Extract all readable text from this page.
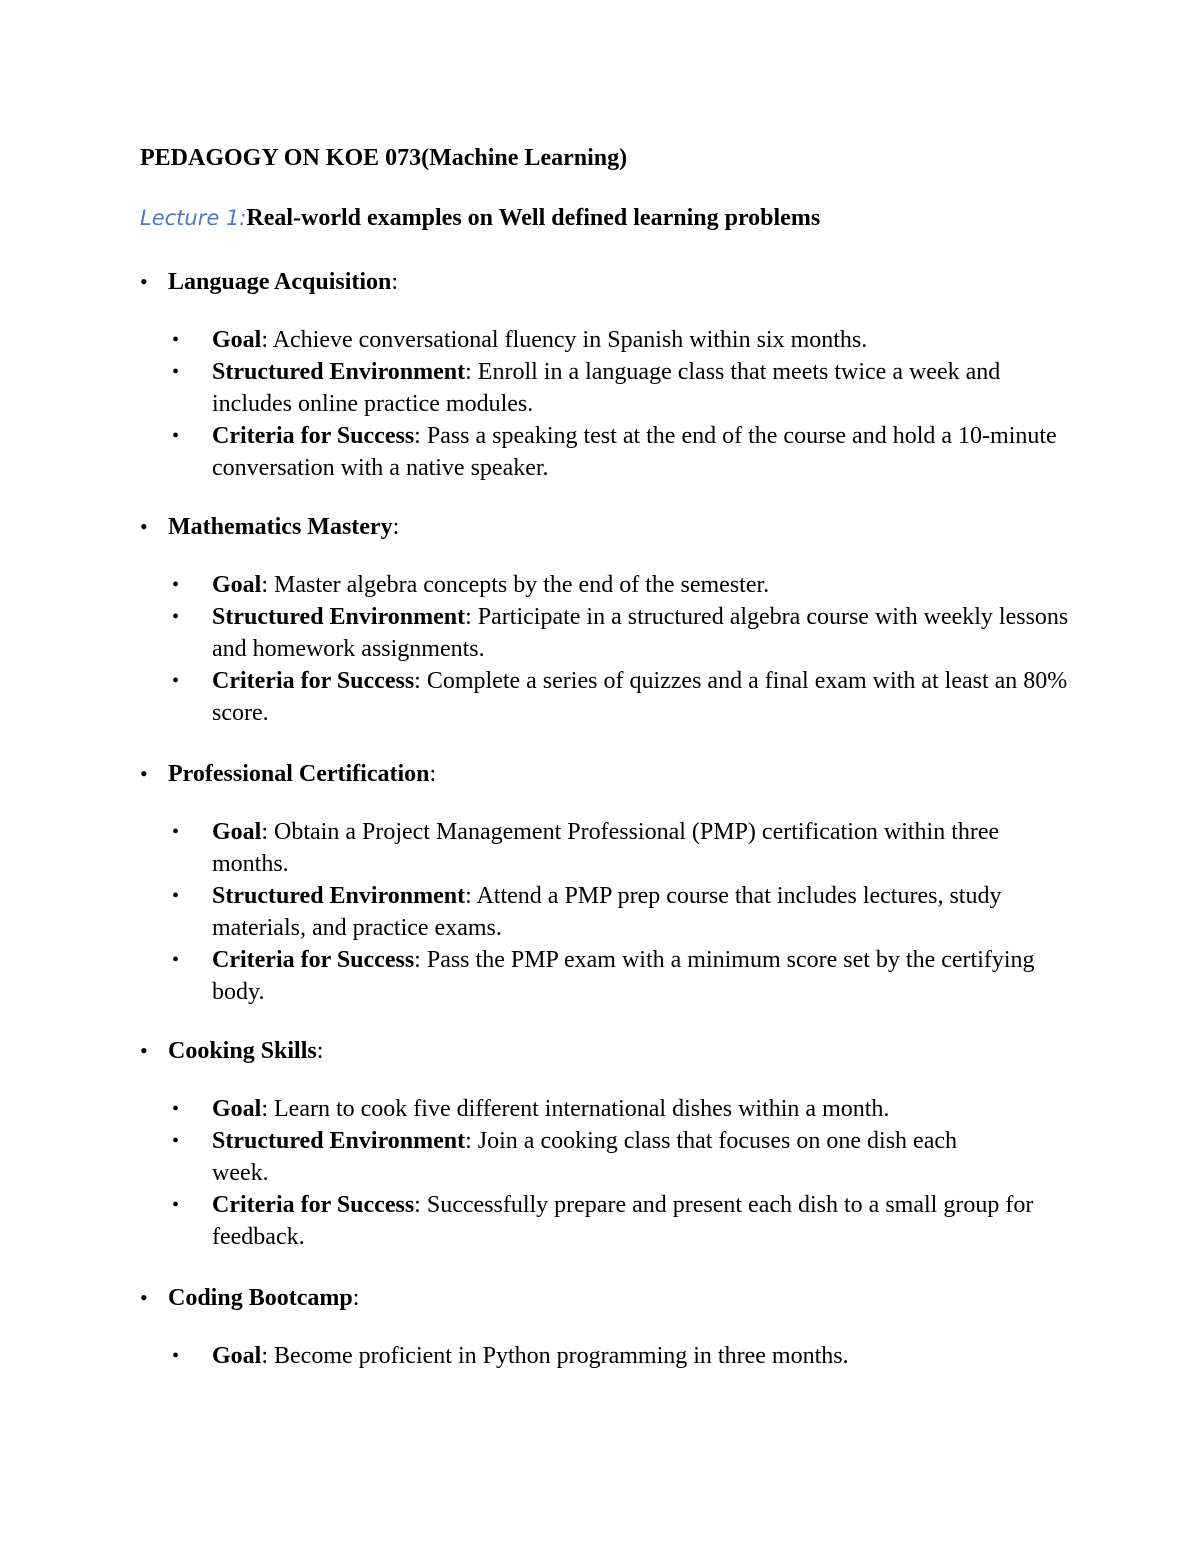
PEDAGOGY ON KOE 073(Machine Learning)
Lecture 1:Real-world examples on Well defined learning problems
• Language Acquisition:
•	Goal: Achieve conversational fluency in Spanish within six months.
•	Structured Environment: Enroll in a language class that meets twice a week and includes online practice modules.
•	Criteria for Success: Pass a speaking test at the end of the course and hold a 10-minute conversation with a native speaker.
• Mathematics Mastery:
•	Goal: Master algebra concepts by the end of the semester.
•	Structured Environment: Participate in a structured algebra course with weekly lessons and homework assignments.
•	Criteria for Success: Complete a series of quizzes and a final exam with at least an 80% score.
• Professional Certification:
•	Goal: Obtain a Project Management Professional (PMP) certification within three months.
•	Structured Environment: Attend a PMP prep course that includes lectures, study materials, and practice exams.
•	Criteria for Success: Pass the PMP exam with a minimum score set by the certifying body.
• Cooking Skills:
•	Goal: Learn to cook five different international dishes within a month.
•	Structured Environment: Join a cooking class that focuses on one dish each week.
•	Criteria for Success: Successfully prepare and present each dish to a small group for feedback.
• Coding Bootcamp:
•	Goal: Become proficient in Python programming in three months.
